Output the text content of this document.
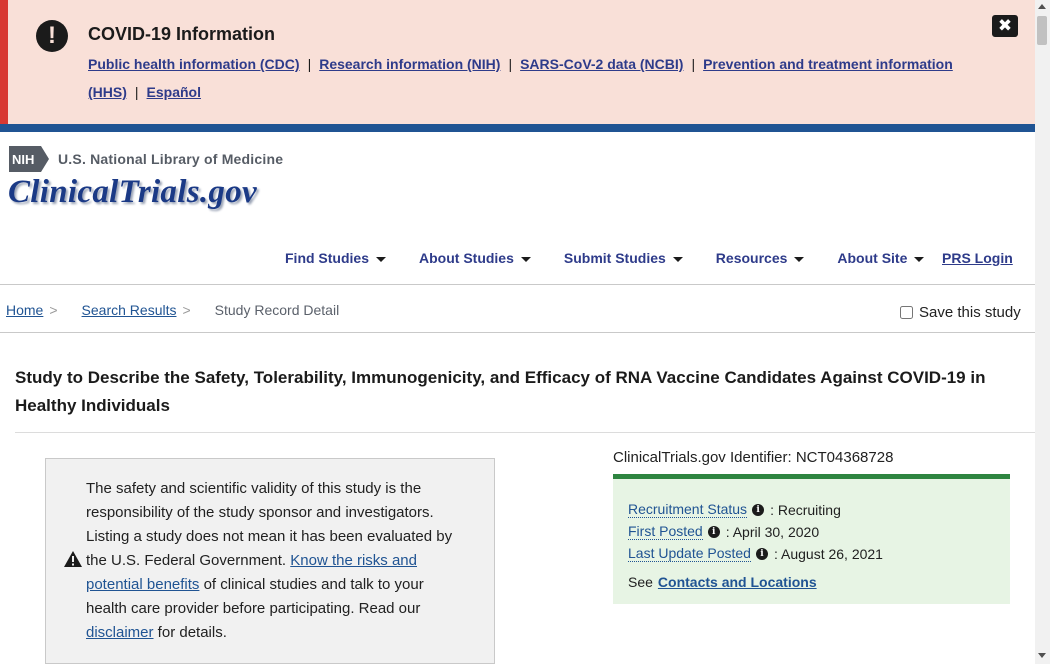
!	COVID-19 Information
Public health information (CDC) | Research information (NIH) | SARS-CoV-2 data (NCBI) | Prevention and treatment information (HHS) | Español
✖
NIH U.S. National Library of Medicine
ClinicalTrials.gov
Find Studies	About Studies	Submit Studies	Resources	About Site PRS Login
Home > Search Results > Study Record Detail	Save this study
Study to Describe the Safety, Tolerability, Immunogenicity, and Efficacy of RNA Vaccine Candidates Against COVID-19 in Healthy Individuals
The safety and scientific validity of this study is the responsibility of the study sponsor and investigators. Listing a study does not mean it has been evaluated by the U.S. Federal Government. Know the risks and potential benefits of clinical studies and talk to your health care provider before participating. Read our disclaimer for details.
ClinicalTrials.gov Identifier: NCT04368728
Recruitment Status	i : Recruiting
First Posted	i : April 30, 2020
Last Update Posted	i : August 26, 2021
See Contacts and Locations
